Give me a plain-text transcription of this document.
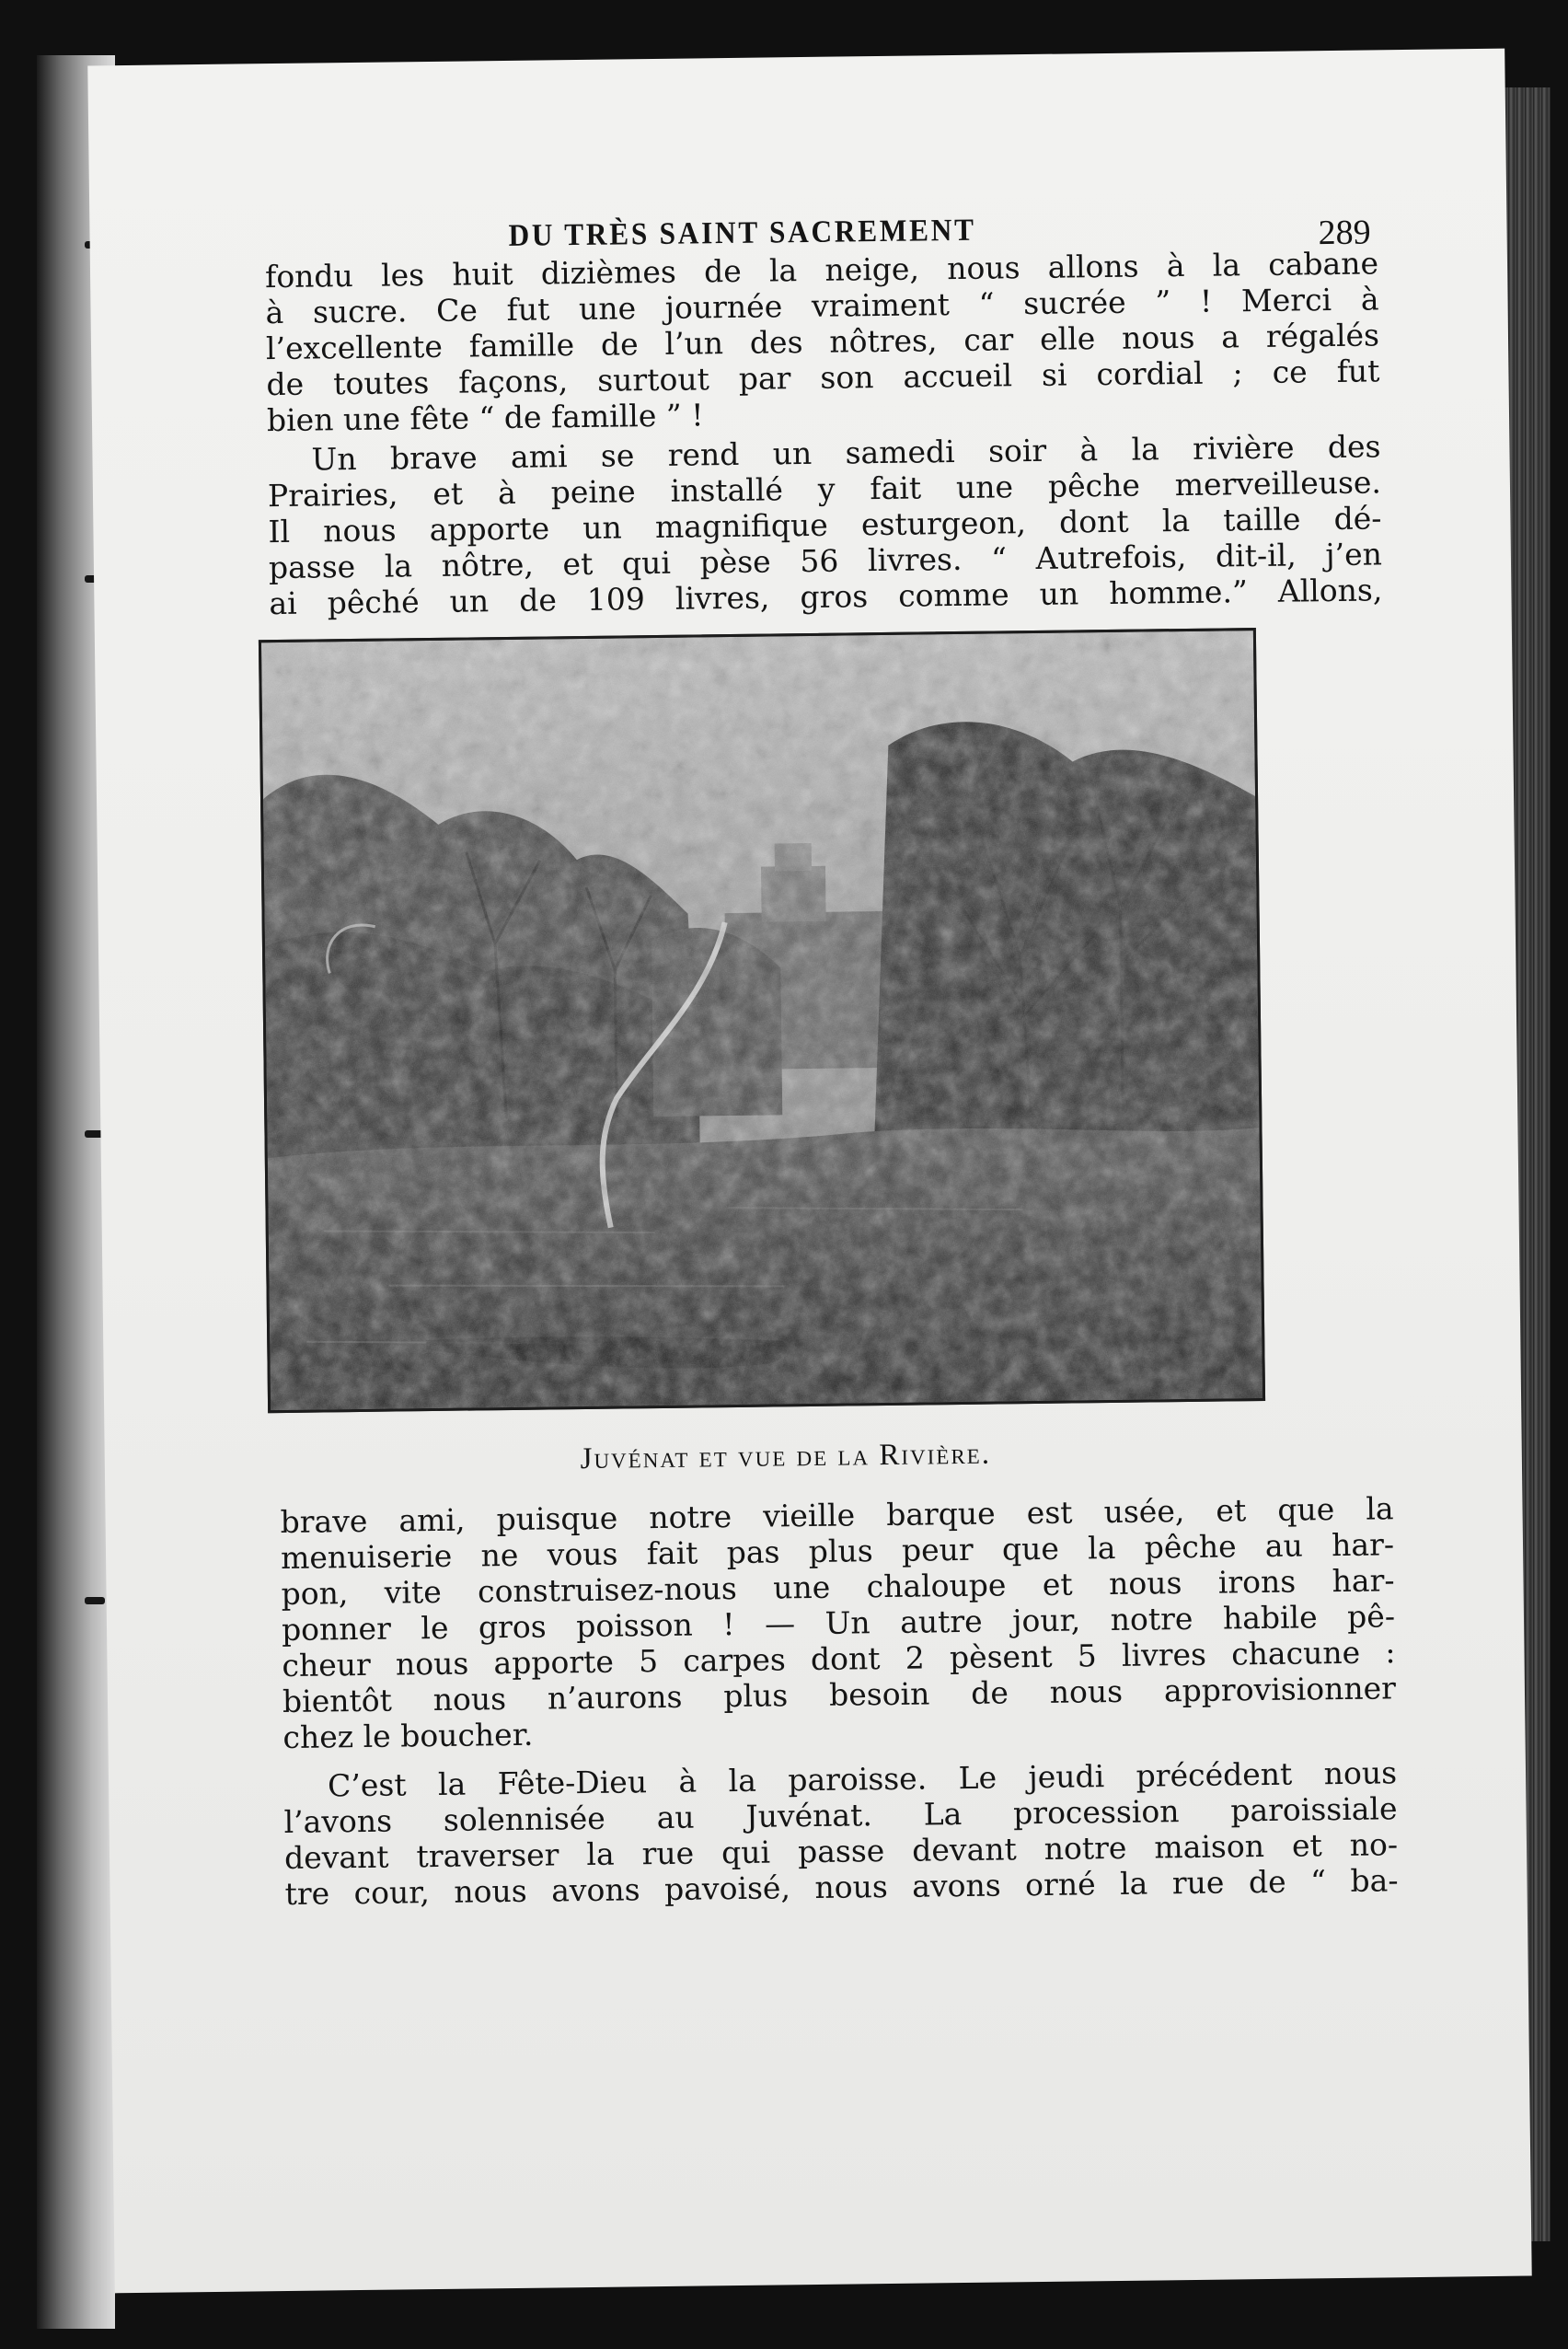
DU TRÈS SAINT SACREMENT	289

fondu les huit dizièmes de la neige, nous allons à la cabane
à sucre. Ce fut une journée vraiment “ sucrée ” ! Merci à
l’excellente famille de l’un des nôtres, car elle nous a régalés
de toutes façons, surtout par son accueil si cordial ; ce fut
bien une fête “ de famille ” !

Un brave ami se rend un samedi soir à la rivière des
Prairies, et à peine installé y fait une pêche merveilleuse.
Il nous apporte un magnifique esturgeon, dont la taille dé-
passe la nôtre, et qui pèse 56 livres. “ Autrefois, dit-il, j’en
ai pêché un de 109 livres, gros comme un homme.” Allons,

Juvénat et vue de la Rivière.

brave ami, puisque notre vieille barque est usée, et que la
menuiserie ne vous fait pas plus peur que la pêche au har-
pon, vite construisez-nous une chaloupe et nous irons har-
ponner le gros poisson ! — Un autre jour, notre habile pê-
cheur nous apporte 5 carpes dont 2 pèsent 5 livres chacune :
bientôt nous n’aurons plus besoin de nous approvisionner
chez le boucher.

C’est la Fête-Dieu à la paroisse. Le jeudi précédent nous
l’avons solennisée au Juvénat. La procession paroissiale
devant traverser la rue qui passe devant notre maison et no-
tre cour, nous avons pavoisé, nous avons orné la rue de “ ba-
